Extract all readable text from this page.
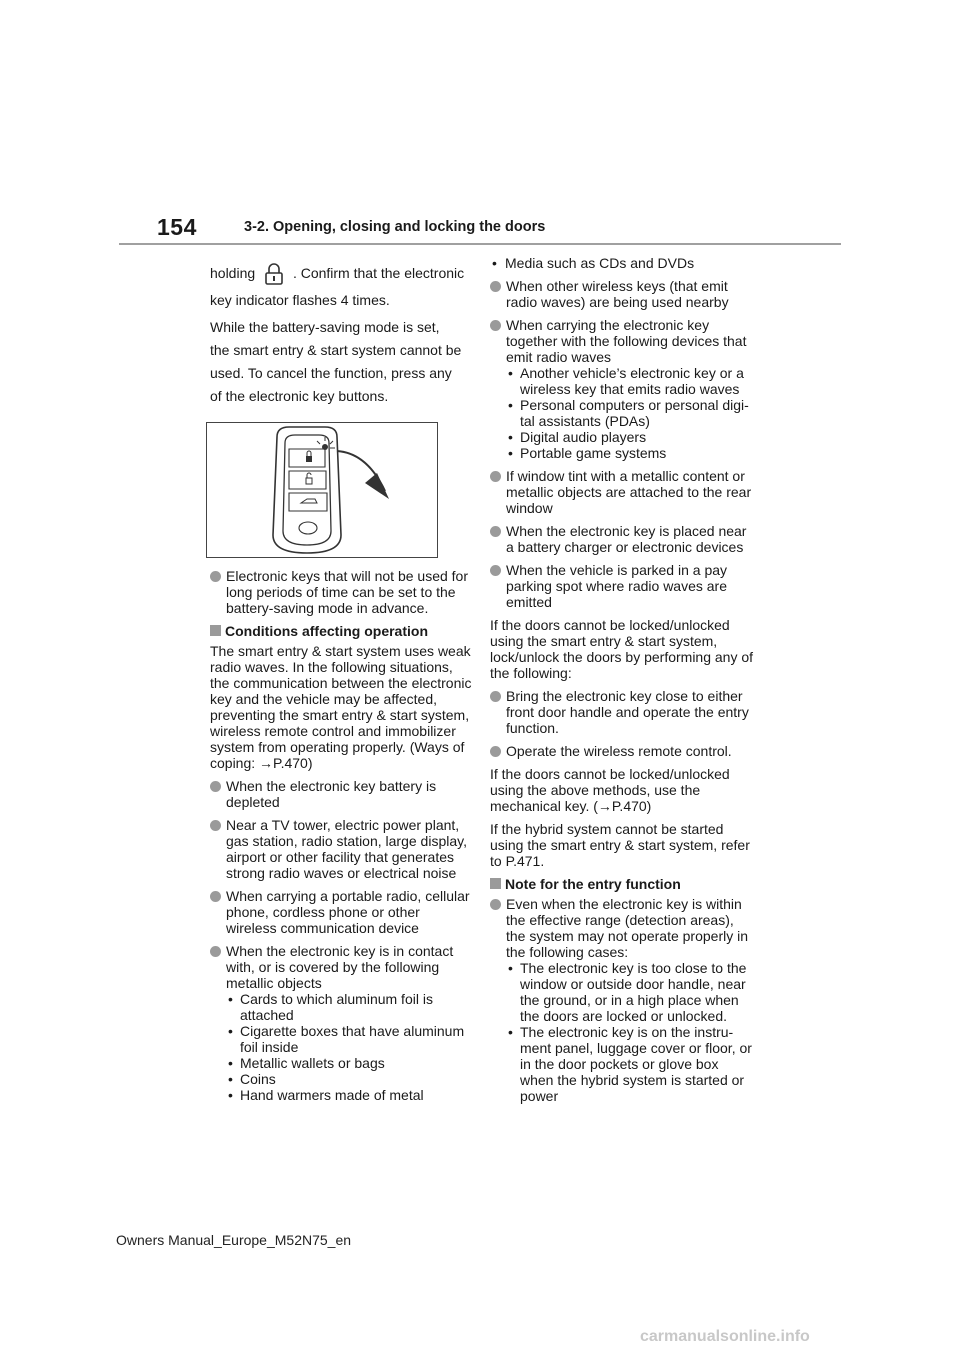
154	3-2. Opening, closing and locking the doors
holding	. Confirm that the electronic
key indicator flashes 4 times.
While the battery-saving mode is set,
the smart entry & start system cannot be
used. To cancel the function, press any
of the electronic key buttons.
Electronic keys that will not be used for long periods of time can be set to the battery-saving mode in advance.
Conditions affecting operation
The smart entry & start system uses weak radio waves. In the following situations, the communication between the electronic key and the vehicle may be affected, preventing the smart entry & start system, wireless remote control and immobilizer system from operating properly. (Ways of coping: →P.470)
When the electronic key battery is depleted
Near a TV tower, electric power plant, gas station, radio station, large display, airport or other facility that generates strong radio waves or electrical noise
When carrying a portable radio, cellular phone, cordless phone or other wireless communication device
When the electronic key is in contact with, or is covered by the following metallic objects
• Cards to which aluminum foil is attached
• Cigarette boxes that have aluminum foil inside
• Metallic wallets or bags
• Coins
• Hand warmers made of metal
• Media such as CDs and DVDs
When other wireless keys (that emit radio waves) are being used nearby
When carrying the electronic key together with the following devices that emit radio waves
• Another vehicle’s electronic key or a wireless key that emits radio waves
• Personal computers or personal digital assistants (PDAs)
• Digital audio players
• Portable game systems
If window tint with a metallic content or metallic objects are attached to the rear window
When the electronic key is placed near a battery charger or electronic devices
When the vehicle is parked in a pay parking spot where radio waves are emitted
If the doors cannot be locked/unlocked using the smart entry & start system, lock/unlock the doors by performing any of the following:
Bring the electronic key close to either front door handle and operate the entry function.
Operate the wireless remote control.
If the doors cannot be locked/unlocked using the above methods, use the mechanical key. (→P.470)
If the hybrid system cannot be started using the smart entry & start system, refer to P.471.
Note for the entry function
Even when the electronic key is within the effective range (detection areas), the system may not operate properly in the following cases:
• The electronic key is too close to the window or outside door handle, near the ground, or in a high place when the doors are locked or unlocked.
• The electronic key is on the instrument panel, luggage cover or floor, or in the door pockets or glove box when the hybrid system is started or power
Owners Manual_Europe_M52N75_en
carmanualsonline.info
